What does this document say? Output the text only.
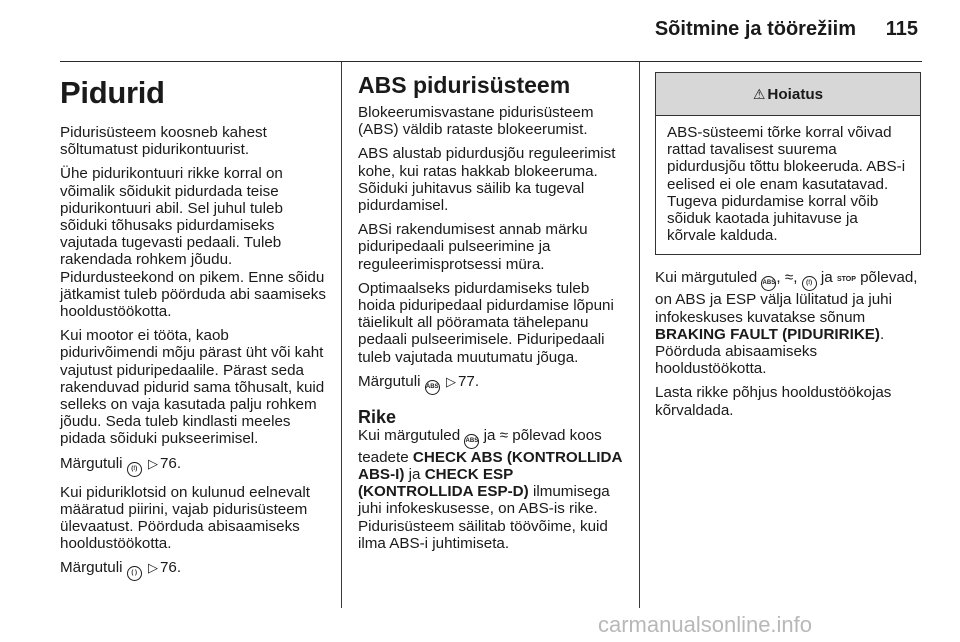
Sõitmine ja töörežiim 115
Pidurid

Pidurisüsteem koosneb kahest sõltumatust pidurikontuurist.

Ühe pidurikontuuri rikke korral on võimalik sõidukit pidurdada teise pidurikontuuri abil. Sel juhul tuleb sõiduki tõhusaks pidurdamiseks vajutada tugevasti pedaali. Tuleb rakendada rohkem jõudu. Pidurdusteekond on pikem. Enne sõidu jätkamist tuleb pöörduda abi saamiseks hooldustöökotta.

Kui mootor ei tööta, kaob pidurivõimendi mõju pärast üht või kaht vajutust piduripedaalile. Pärast seda rakenduvad pidurid sama tõhusalt, kuid selleks on vaja kasutada palju rohkem jõudu. Seda tuleb kindlasti meeles pidada sõiduki pukseerimisel.

Märgutuli (!) ▷ 76.

Kui piduriklotsid on kulunud eelnevalt määratud piirini, vajab pidurisüsteem ülevaatust. Pöörduda abisaamiseks hooldustöökotta.

Märgutuli ( ) ▷ 76.

ABS pidurisüsteem

Blokeerumisvastane pidurisüsteem (ABS) väldib rataste blokeerumist.

ABS alustab pidurdusjõu reguleerimist kohe, kui ratas hakkab blokeeruma. Sõiduki juhitavus säilib ka tugeval pidurdamisel.

ABSi rakendumisest annab märku piduripedaali pulseerimine ja reguleerimisprotsessi müra.

Optimaalseks pidurdamiseks tuleb hoida piduripedaal pidurdamise lõpuni täielikult all pööramata tähelepanu pedaali pulseerimisele. Piduripedaali tuleb vajutada muutumatu jõuga.

Märgutuli ABS ▷ 77.

Rike

Kui märgutuled ABS ja ≈ põlevad koos teadete CHECK ABS (KONTROLLIDA ABS-I) ja CHECK ESP (KONTROLLIDA ESP-D) ilmumisega juhi infokeskusesse, on ABS-is rike. Pidurisüsteem säilitab töövõime, kuid ilma ABS-i juhtimiseta.

⚠ Hoiatus
ABS-süsteemi tõrke korral võivad rattad tavalisest suurema pidurdusjõu tõttu blokeeruda. ABS-i eelised ei ole enam kasutatavad. Tugeva pidurdamise korral võib sõiduk kaotada juhitavuse ja kõrvale kalduda.

Kui märgutuled ABS, ≈, (!) ja STOP põlevad, on ABS ja ESP välja lülitatud ja juhi infokeskuses kuvatakse sõnum BRAKING FAULT (PIDURIRIKE). Pöörduda abisaamiseks hooldustöökotta.

Lasta rikke põhjus hooldustöökojas kõrvaldada.

carmanualsonline.info
